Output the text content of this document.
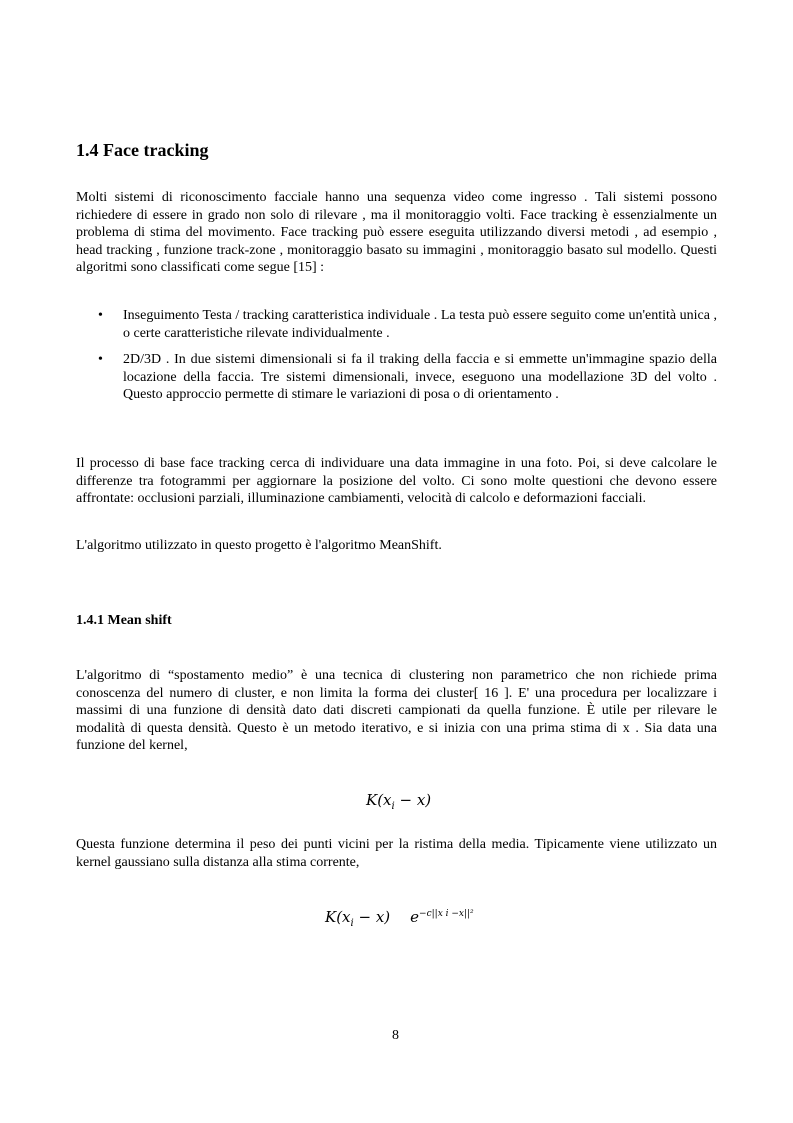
1.4 Face tracking

Molti sistemi di riconoscimento facciale hanno una sequenza video come ingresso . Tali sistemi possono richiedere di essere in grado non solo di rilevare , ma il monitoraggio volti. Face tracking è essenzialmente un problema di stima del movimento. Face tracking può essere eseguita utilizzando diversi metodi , ad esempio , head tracking , funzione track-zone , monitoraggio basato su immagini , monitoraggio basato sul modello. Questi algoritmi sono classificati come segue [15] :

• Inseguimento Testa / tracking caratteristica individuale . La testa può essere seguito come un'entità unica , o certe caratteristiche rilevate individualmente .
• 2D/3D . In due sistemi dimensionali si fa il traking della faccia e si emmette un'immagine spazio della locazione della faccia. Tre sistemi dimensionali, invece, eseguono una modellazione 3D del volto . Questo approccio permette di stimare le variazioni di posa o di orientamento .

Il processo di base face tracking cerca di individuare una data immagine in una foto. Poi, si deve calcolare le differenze tra fotogrammi per aggiornare la posizione del volto. Ci sono molte questioni che devono essere affrontate: occlusioni parziali, illuminazione cambiamenti, velocità di calcolo e deformazioni facciali.

L'algoritmo utilizzato in questo progetto è l'algoritmo MeanShift.

1.4.1 Mean shift

L'algoritmo di “spostamento medio” è una tecnica di clustering non parametrico che non richiede prima conoscenza del numero di cluster, e non limita la forma dei cluster[ 16 ]. E' una procedura per localizzare i massimi di una funzione di densità dato dati discreti campionati da quella funzione. È utile per rilevare le modalità di questa densità. Questo è un metodo iterativo, e si inizia con una prima stima di x . Sia data una funzione del kernel,

$K(x_i - x)$

Questa funzione determina il peso dei punti vicini per la ristima della media. Tipicamente viene utilizzato un kernel gaussiano sulla distanza alla stima corrente,

$K(x_i - x)$ $e^{-c||x i -x||^2}$
8
